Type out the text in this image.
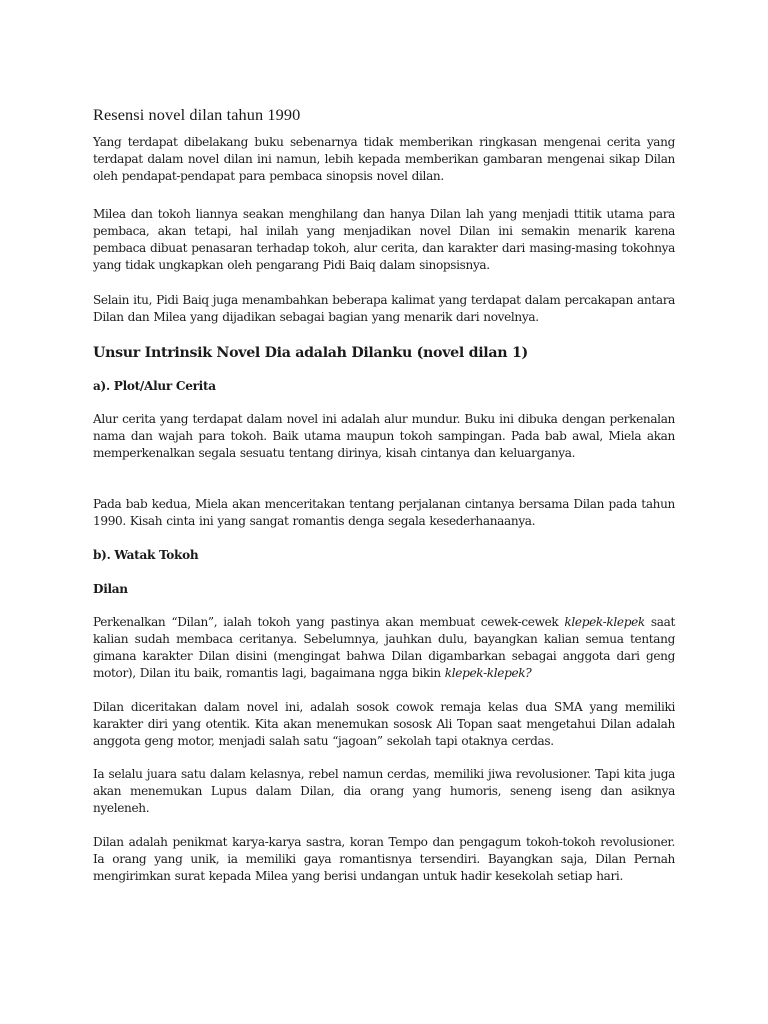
Resensi novel dilan tahun 1990

Yang terdapat dibelakang buku sebenarnya tidak memberikan ringkasan mengenai cerita yang terdapat dalam novel dilan ini namun, lebih kepada memberikan gambaran mengenai sikap Dilan oleh pendapat-pendapat para pembaca sinopsis novel dilan.

Milea dan tokoh liannya seakan menghilang dan hanya Dilan lah yang menjadi ttitik utama para pembaca, akan tetapi, hal inilah yang menjadikan novel Dilan ini semakin menarik karena pembaca dibuat penasaran terhadap tokoh, alur cerita, dan karakter dari masing-masing tokohnya yang tidak ungkapkan oleh pengarang Pidi Baiq dalam sinopsisnya.

Selain itu, Pidi Baiq juga menambahkan beberapa kalimat yang terdapat dalam percakapan antara Dilan dan Milea yang dijadikan sebagai bagian yang menarik dari novelnya.

Unsur Intrinsik Novel Dia adalah Dilanku (novel dilan 1)
a). Plot/Alur Cerita

Alur cerita yang terdapat dalam novel ini adalah alur mundur. Buku ini dibuka dengan perkenalan nama dan wajah para tokoh. Baik utama maupun tokoh sampingan. Pada bab awal, Miela akan memperkenalkan segala sesuatu tentang dirinya, kisah cintanya dan keluarganya.

Pada bab kedua, Miela akan menceritakan tentang perjalanan cintanya bersama Dilan pada tahun 1990. Kisah cinta ini yang sangat romantis denga segala kesederhanaanya.

b). Watak Tokoh
Dilan

Perkenalkan “Dilan”, ialah tokoh yang pastinya akan membuat cewek-cewek klepek-klepek saat kalian sudah membaca ceritanya. Sebelumnya, jauhkan dulu, bayangkan kalian semua tentang gimana karakter Dilan disini (mengingat bahwa Dilan digambarkan sebagai anggota dari geng motor), Dilan itu baik, romantis lagi, bagaimana ngga bikin klepek-klepek?

Dilan diceritakan dalam novel ini, adalah sosok cowok remaja kelas dua SMA yang memiliki karakter diri yang otentik. Kita akan menemukan sososk Ali Topan saat mengetahui Dilan adalah anggota geng motor, menjadi salah satu “jagoan” sekolah tapi otaknya cerdas.

Ia selalu juara satu dalam kelasnya, rebel namun cerdas, memiliki jiwa revolusioner. Tapi kita juga akan menemukan Lupus dalam Dilan, dia orang yang humoris, seneng iseng dan asiknya nyeleneh.

Dilan adalah penikmat karya-karya sastra, koran Tempo dan pengagum tokoh-tokoh revolusioner. Ia orang yang unik, ia memiliki gaya romantisnya tersendiri. Bayangkan saja, Dilan Pernah mengirimkan surat kepada Milea yang berisi undangan untuk hadir kesekolah setiap hari.
